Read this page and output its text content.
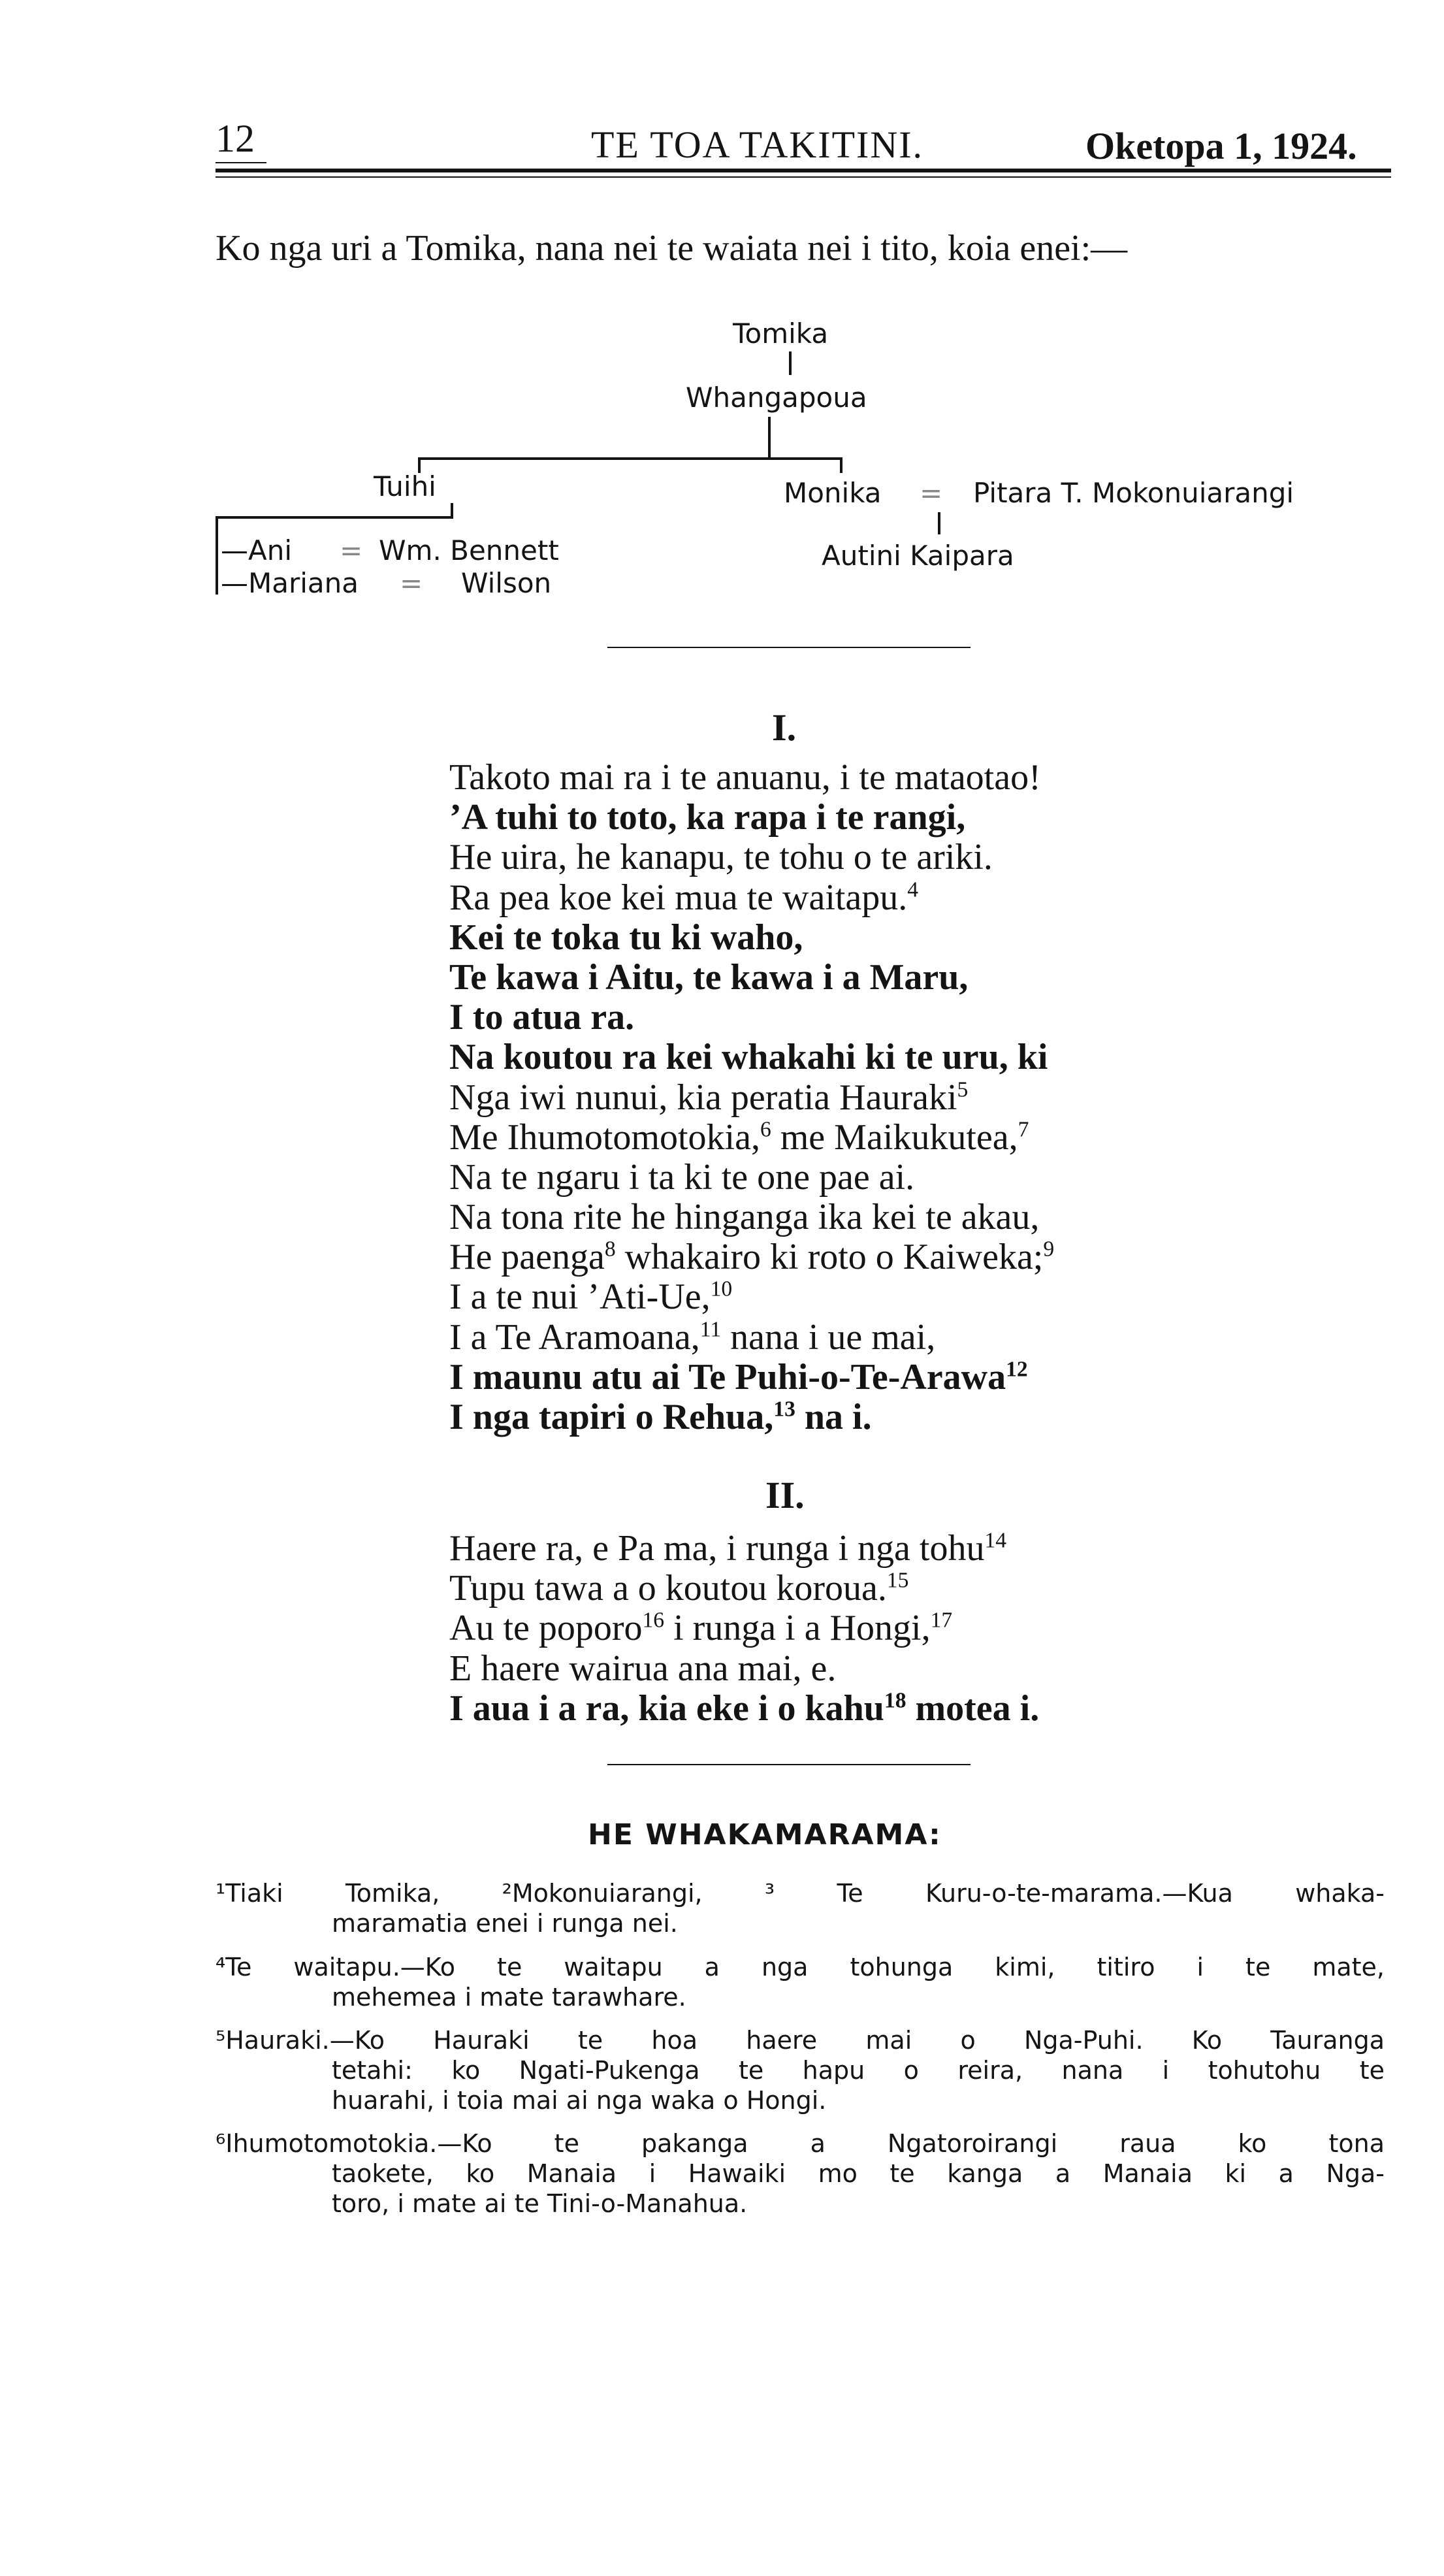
12	TE TOA TAKITINI.	Oketopa 1, 1924.
Ko nga uri a Tomika, nana nei te waiata nei i tito, koia enei:—
Tomika
Whangapoua
Tuihi	Monika = Pitara T. Mokonuiarangi
Autini Kaipara
—Ani = Wm. Bennett
—Mariana = Wilson
I.
Takoto mai ra i te anuanu, i te mataotao!
’A tuhi to toto, ka rapa i te rangi,
He uira, he kanapu, te tohu o te ariki.
Ra pea koe kei mua te waitapu.$^4$
Kei te toka tu ki waho,
Te kawa i Aitu, te kawa i a Maru,
I to atua ra.
Na koutou ra kei whakahi ki te uru, ki
Nga iwi nunui, kia peratia Hauraki$^5$
Me Ihumotomotokia,$^6$ me Maikukutea,$^7$
Na te ngaru i ta ki te one pae ai.
Na tona rite he hinganga ika kei te akau,
He paenga$^8$ whakairo ki roto o Kaiweka;$^9$
I a te nui ’Ati-Ue,$^{10}$
I a Te Aramoana,$^{11}$ nana i ue mai,
I maunu atu ai Te Puhi-o-Te-Arawa$^{12}$
I nga tapiri o Rehua,$^{13}$ na i.
II.
Haere ra, e Pa ma, i runga i nga tohu$^{14}$
Tupu tawa a o koutou koroua.$^{15}$
Au te poporo$^{16}$ i runga i a Hongi,$^{17}$
E haere wairua ana mai, e.
I aua i a ra, kia eke i o kahu$^{18}$ motea i.
HE WHAKAMARAMA:
¹Tiaki Tomika, ²Mokonuiarangi, ³ Te Kuru-o-te-marama.—Kua whaka-
maramatia enei i runga nei.
⁴Te waitapu.—Ko te waitapu a nga tohunga kimi, titiro i te mate,
mehemea i mate tarawhare.
⁵Hauraki.—Ko Hauraki te hoa haere mai o Nga-Puhi. Ko Tauranga
tetahi: ko Ngati-Pukenga te hapu o reira, nana i tohutohu te
huarahi, i toia mai ai nga waka o Hongi.
⁶Ihumotomotokia.—Ko te pakanga a Ngatoroirangi raua ko tona
taokete, ko Manaia i Hawaiki mo te kanga a Manaia ki a Nga-
toro, i mate ai te Tini-o-Manahua.
